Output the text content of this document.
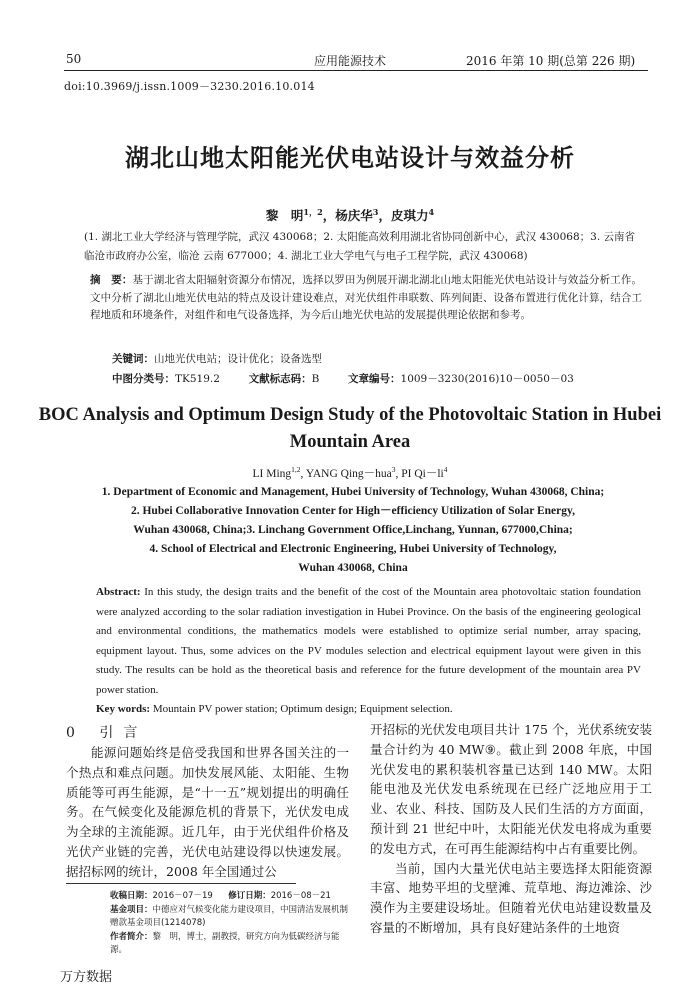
50	应用能源技术	2016 年第 10 期(总第 226 期)
doi:10.3969/j.issn.1009－3230.2016.10.014
湖北山地太阳能光伏电站设计与效益分析
黎　明$^{1,2}$，杨庆华$^3$，皮琪力$^4$
(1. 湖北工业大学经济与管理学院，武汉 430068；2. 太阳能高效利用湖北省协同创新中心，武汉 430068；3. 云南省临沧市政府办公室，临沧 云南 677000；4. 湖北工业大学电气与电子工程学院，武汉 430068)
摘　要：基于湖北省太阳辐射资源分布情况，选择以罗田为例展开湖北湖北山地太阳能光伏电站设计与效益分析工作。文中分析了湖北山地光伏电站的特点及设计建设难点，对光伏组件串联数、阵列间距、设备布置进行优化计算，结合工程地质和环境条件，对组件和电气设备选择，为今后山地光伏电站的发展提供理论依据和参考。
关键词：山地光伏电站；设计优化；设备选型
中图分类号：TK519.2	文献标志码：B	文章编号：1009－3230(2016)10－0050－03
BOC Analysis and Optimum Design Study of the Photovoltaic Station in Hubei Mountain Area
LI Ming$^{1,2}$, YANG Qing－hua$^3$, PI $Qi-li^4$
1. Department of Economic and Management, Hubei University of Technology, Wuhan 430068, China;
2. Hubei Collaborative Innovation Center for High－efficiency Utilization of Solar Energy,
Wuhan 430068, China;3. Linchang Government Office,Linchang, Yunnan, 677000,China;
4. School of Electrical and Electronic Engineering, Hubei University of Technology,
Wuhan 430068, China

Abstract: In this study, the design traits and the benefit of the cost of the Mountain area photovoltaic station foundation were analyzed according to the solar radiation investigation in Hubei Province. On the basis of the engineering geological and environmental conditions, the mathematics models were established to optimize serial number, array spacing, equipment layout. Thus, some advices on the PV modules selection and electrical equipment layout were given in this study. The results can be hold as the theoretical basis and reference for the future development of the mountain area PV power station.

Key words: Mountain PV power station; Optimum design; Equipment selection.

0 引言

能源问题始终是倍受我国和世界各国关注的一个热点和难点问题。加快发展风能、太阳能、生物质能等可再生能源，是“十一五”规划提出的明确任务。在气候变化及能源危机的背景下，光伏发电成为全球的主流能源。近几年，由于光伏组件价格及光伏产业链的完善，光伏电站建设得以快速发展。据招标网的统计，2008 年全国通过公

开招标的光伏发电项目共计 175 个，光伏系统安装量合计约为 40 MW⑨。截止到 2008 年底，中国光伏发电的累积装机容量已达到 140 MW。太阳能电池及光伏发电系统现在已经广泛地应用于工业、农业、科技、国防及人民们生活的方方面面，预计到 21 世纪中叶，太阳能光伏发电将成为重要的发电方式，在可再生能源结构中占有重要比例。

当前，国内大量光伏电站主要选择太阳能资源丰富、地势平坦的戈壁滩、荒草地、海边滩涂、沙漠作为主要建设场址。但随着光伏电站建设数量及容量的不断增加，具有良好建站条件的土地资

收稿日期：2016－07－19 修订日期：2016－08－21
基金项目：中德应对气候变化能力建设项目，中国清洁发展机制赠款基金项目(1214078)
作者简介：黎　明，博士，副教授，研究方向为低碳经济与能源。
万方数据
